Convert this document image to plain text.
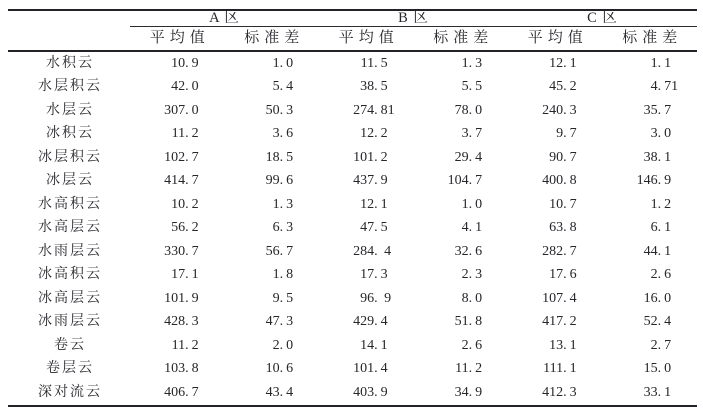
A 区	B 区	C 区
平均值	标准差	平均值	标准差	平均值	标准差
水积云	10. 9	1. 0	11. 5	1. 3	12. 1	1. 1
水层积云	42. 0	5. 4	38. 5	5. 5	45. 2	4. 71
水层云	307. 0	50. 3	274. 81	78. 0	240. 3	35. 7
冰积云	11. 2	3. 6	12. 2	3. 7	9. 7	3. 0
冰层积云	102. 7	18. 5	101. 2	29. 4	90. 7	38. 1
冰层云	414. 7	99. 6	437. 9	104. 7	400. 8	146. 9
水高积云	10. 2	1. 3	12. 1	1. 0	10. 7	1. 2
水高层云	56. 2	6. 3	47. 5	4. 1	63. 8	6. 1
水雨层云	330. 7	56. 7	284. 4	32. 6	282. 7	44. 1
冰高积云	17. 1	1. 8	17. 3	2. 3	17. 6	2. 6
冰高层云	101. 9	9. 5	96. 9	8. 0	107. 4	16. 0
冰雨层云	428. 3	47. 3	429. 4	51. 8	417. 2	52. 4
卷云	11. 2	2. 0	14. 1	2. 6	13. 1	2. 7
卷层云	103. 8	10. 6	101. 4	11. 2	111. 1	15. 0
深对流云	406. 7	43. 4	403. 9	34. 9	412. 3	33. 1
